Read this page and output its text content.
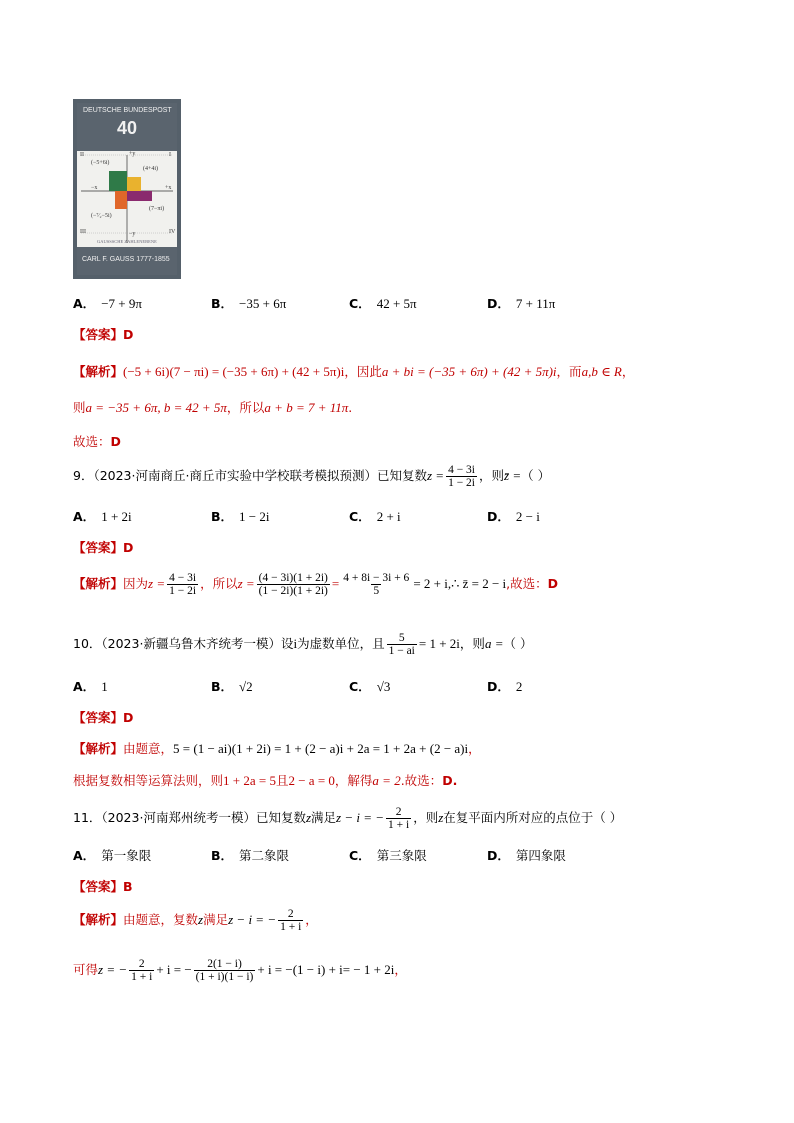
DEUTSCHE BUNDESPOST
40
II	I
III	IV
+y
−y
+x
−x
(−5+6i)
(4+4i)
(7−πi)
(−⁷⁄₂−5i)
GAUSSSCHE ZAHLENEBENE
CARL F. GAUSS 1777-1855
A． −7 + 9π	B． −35 + 6π	C． 42 + 5π	D． 7 + 11π
【答案】D
【解析】(−5 + 6i)(7 − πi) = (−35 + 6π) + (42 + 5π)i，因此a + bi = (−35 + 6π) + (42 + 5π)i，而a,b ∈ R，
则a = −35 + 6π, b = 42 + 5π，所以a + b = 7 + 11π.
故选：D
9．（2023·河南商丘·商丘市实验中学校联考模拟预测）已知复数$z = \frac{4 - 3i}{1 - 2i}$ ，则z̄ =（ ）
A． 1 + 2i	B． 1 − 2i	C． 2 + i	D． 2 − i
【答案】D
【解析】因为$z = \frac{4 - 3i}{1 - 2i}$ ，所以$z = \frac{(4 - 3i)(1 + 2i)}{(1 - 2i)(1 + 2i)} = \frac{4 + 8i - 3i + 6}{5} = 2$ + i,∴ z̄ = 2 − i,故选：D
10．（2023·新疆乌鲁木齐统考一模）设i为虚数单位，且 $\frac{5}{1 - ai} = 1 + 2i$，则a =（ ）
A． 1	B． √2	C． √3	D． 2
【答案】D
【解析】由题意，5 = (1 − ai)(1 + 2i) = 1 + (2 − a)i + 2a = 1 + 2a + (2 − a)i，
根据复数相等运算法则，则1 + 2a = 5且2 − a = 0，解得a = 2.故选：D.
11．（2023·河南郑州统考一模）已知复数z满足z − i = − $\frac{2}{1 + i}$ ，则z在复平面内所对应的点位于（ ）
A． 第一象限	B． 第二象限	C． 第三象限	D． 第四象限
【答案】B
【解析】由题意，复数z满足z − i = − $\frac{2}{1 + i}$ ，
可得z = − $\frac{2}{1 + i} + i$ = − $\frac{2(1 - i)}{(1 + i)(1 - i)} + i = -(1 - i) + i= - 1 + 2i$，
